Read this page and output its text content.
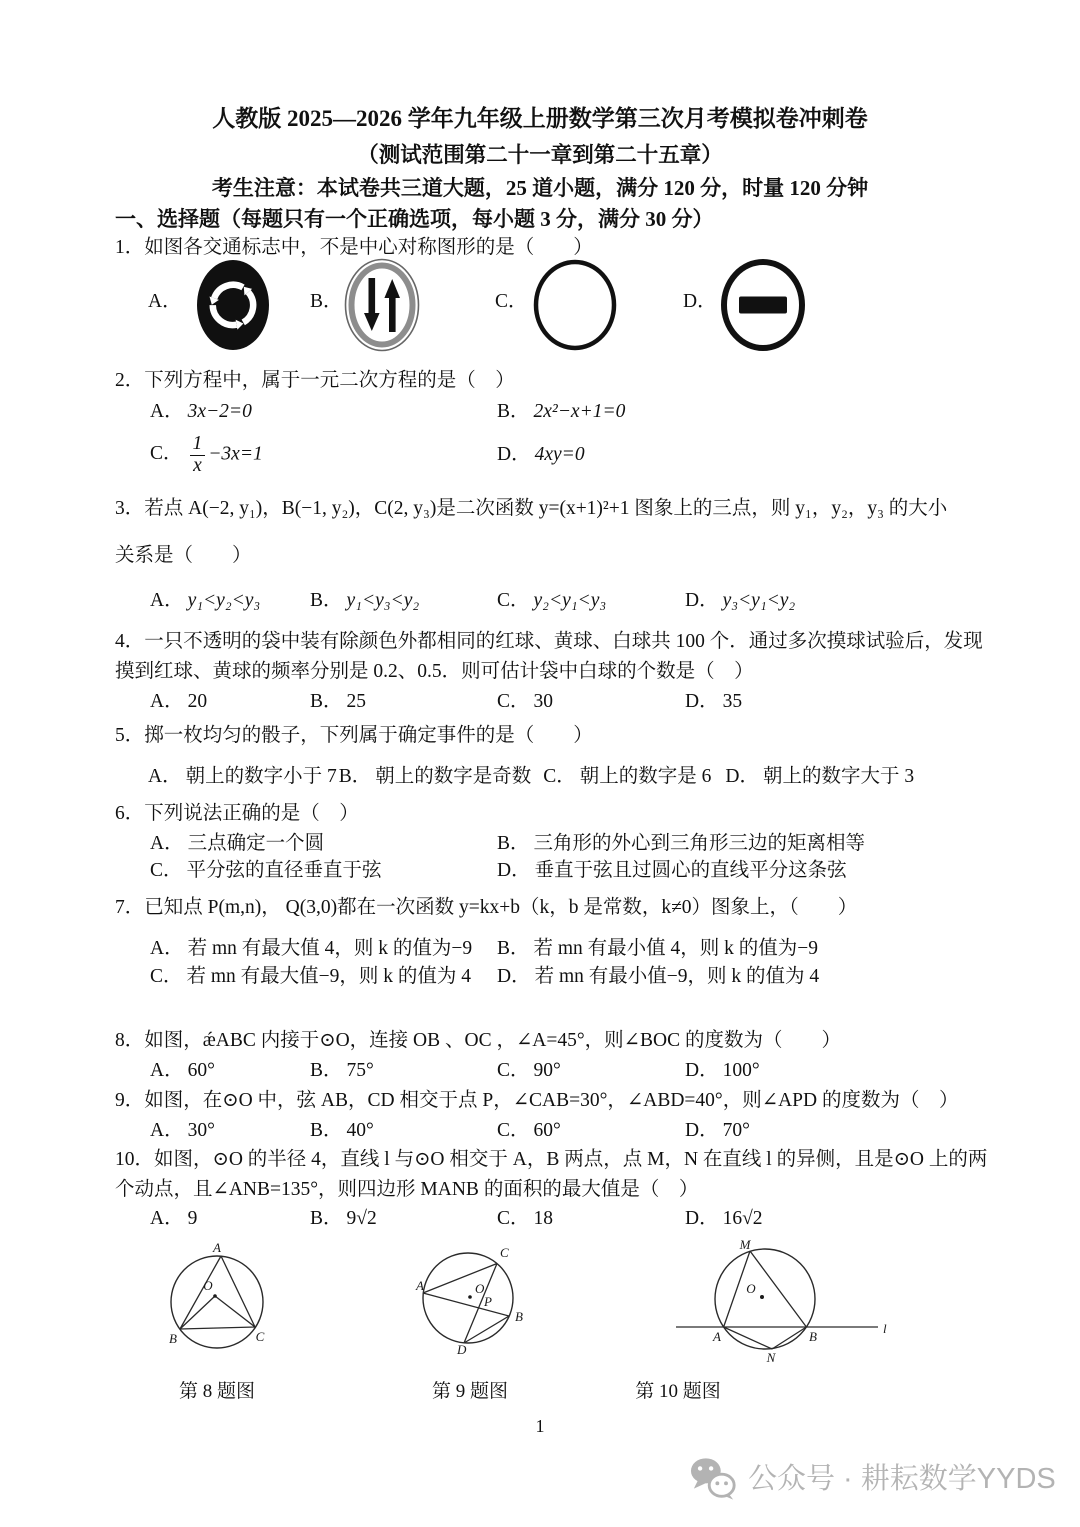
人教版 2025—2026 学年九年级上册数学第三次月考模拟卷冲刺卷
（测试范围第二十一章到第二十五章）
考生注意：本试卷共三道大题，25 道小题，满分 120 分，时量 120 分钟
一、选择题（每题只有一个正确选项，每小题 3 分，满分 30 分）
1．如图各交通标志中，不是中心对称图形的是（　　）
A．	B．	C．	D．
2．下列方程中，属于一元二次方程的是（　）
A． 3x−2=0	B． 2x²−x+1=0
C． $\frac{1}{x} -3x=1$	D． 4xy=0
3．若点 A(−2, y₁)，B(−1, y₂)，C(2, y₃)是二次函数 y=(x+1)²+1 图象上的三点，则 y₁，y₂，y₃ 的大小
关系是（　　）
A． y₁<y₂<y₃	B． y₁<y₃<y₂	C． y₂<y₁<y₃	D． y₃<y₁<y₂
4．一只不透明的袋中装有除颜色外都相同的红球、黄球、白球共 100 个．通过多次摸球试验后，发现
摸到红球、黄球的频率分别是 0.2、0.5．则可估计袋中白球的个数是（　）
A． 20	B． 25	C． 30	D． 35
5．掷一枚均匀的骰子，下列属于确定事件的是（　　）
A． 朝上的数字小于 7 B． 朝上的数字是奇数 C． 朝上的数字是 6 D． 朝上的数字大于 3
6．下列说法正确的是（　）
A． 三点确定一个圆	B． 三角形的外心到三角形三边的矩离相等
C． 平分弦的直径垂直于弦	D． 垂直于弦且过圆心的直线平分这条弦
7．已知点 P(m,n)， Q(3,0)都在一次函数 y=kx+b（k，b 是常数，k≠0）图象上，（　　）
A． 若 mn 有最大值 4，则 k 的值为−9	B． 若 mn 有最小值 4，则 k 的值为−9
C． 若 mn 有最大值−9，则 k 的值为 4	D． 若 mn 有最小值−9，则 k 的值为 4
8．如图，ǽABC 内接于⊙O，连接 OB 、OC ，∠A=45°，则∠BOC 的度数为（　　）
A． 60°	B． 75°	C． 90°	D． 100°
9．如图，在⊙O 中，弦 AB，CD 相交于点 P，∠CAB=30°，∠ABD=40°，则∠APD 的度数为（　）
A． 30°	B． 40°	C． 60°	D． 70°
10．如图，⊙O 的半径 4，直线 l 与⊙O 相交于 A，B 两点，点 M，N 在直线 l 的异侧，且是⊙O 上的两
个动点，且∠ANB=135°，则四边形 MANB 的面积的最大值是（　）
A． 9	B． 9√2	C． 18	D． 16√2
A
B	C
O	O
P
A
C
B
D
M
O
A	B
N
l
第 8 题图	第 9 题图	第 10 题图
1
公众号 · 耕耘数学YYDS
